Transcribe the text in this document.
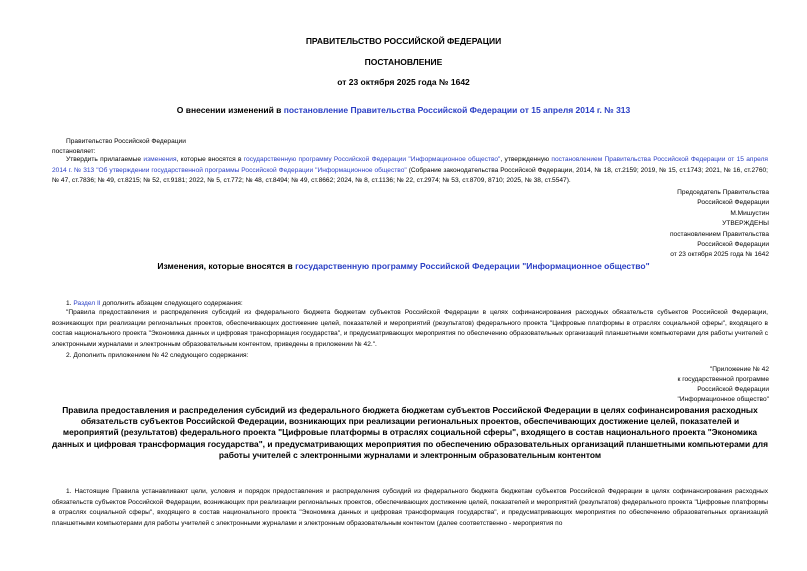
ПРАВИТЕЛЬСТВО РОССИЙСКОЙ ФЕДЕРАЦИИ
ПОСТАНОВЛЕНИЕ
от 23 октября 2025 года № 1642
О внесении изменений в постановление Правительства Российской Федерации от 15 апреля 2014 г. № 313
Правительство Российской Федерации
постановляет:
Утвердить прилагаемые изменения, которые вносятся в государственную программу Российской Федерации "Информационное общество", утвержденную постановлением Правительства Российской Федерации от 15 апреля 2014 г. № 313 "Об утверждении государственной программы Российской Федерации "Информационное общество" (Собрание законодательства Российской Федерации, 2014, № 18, ст.2159; 2019, № 15, ст.1743; 2021, № 16, ст.2760; № 47, ст.7836; № 49, ст.8215; № 52, ст.9181; 2022, № 5, ст.772; № 48, ст.8494; № 49, ст.8662; 2024, № 8, ст.1136; № 22, ст.2974; № 53, ст.8709, 8710; 2025, № 38, ст.5547).
Председатель Правительства
Российской Федерации
М.Мишустин
УТВЕРЖДЕНЫ
постановлением Правительства
Российской Федерации
от 23 октября 2025 года № 1642
Изменения, которые вносятся в государственную программу Российской Федерации "Информационное общество"
1. Раздел II дополнить абзацем следующего содержания:
"Правила предоставления и распределения субсидий из федерального бюджета бюджетам субъектов Российской Федерации в целях софинансирования расходных обязательств субъектов Российской Федерации, возникающих при реализации региональных проектов, обеспечивающих достижение целей, показателей и мероприятий (результатов) федерального проекта "Цифровые платформы в отраслях социальной сферы", входящего в состав национального проекта "Экономика данных и цифровая трансформация государства", и предусматривающих мероприятия по обеспечению образовательных организаций планшетными компьютерами для работы учителей с электронными журналами и электронным образовательным контентом, приведены в приложении № 42.".
2. Дополнить приложением № 42 следующего содержания:
"Приложение № 42
к государственной программе
Российской Федерации
"Информационное общество"
Правила предоставления и распределения субсидий из федерального бюджета бюджетам субъектов Российской Федерации в целях софинансирования расходных обязательств субъектов Российской Федерации, возникающих при реализации региональных проектов, обеспечивающих достижение целей, показателей и мероприятий (результатов) федерального проекта "Цифровые платформы в отраслях социальной сферы", входящего в состав национального проекта "Экономика данных и цифровая трансформация государства", и предусматривающих мероприятия по обеспечению образовательных организаций планшетными компьютерами для работы учителей с электронными журналами и электронным образовательным контентом
1. Настоящие Правила устанавливают цели, условия и порядок предоставления и распределения субсидий из федерального бюджета бюджетам субъектов Российской Федерации в целях софинансирования расходных обязательств субъектов Российской Федерации, возникающих при реализации региональных проектов, обеспечивающих достижение целей, показателей и мероприятий (результатов) федерального проекта "Цифровые платформы в отраслях социальной сферы", входящего в состав национального проекта "Экономика данных и цифровая трансформация государства", и предусматривающих мероприятия по обеспечению образовательных организаций планшетными компьютерами для работы учителей с электронными журналами и электронным образовательным контентом (далее соответственно - мероприятия по
